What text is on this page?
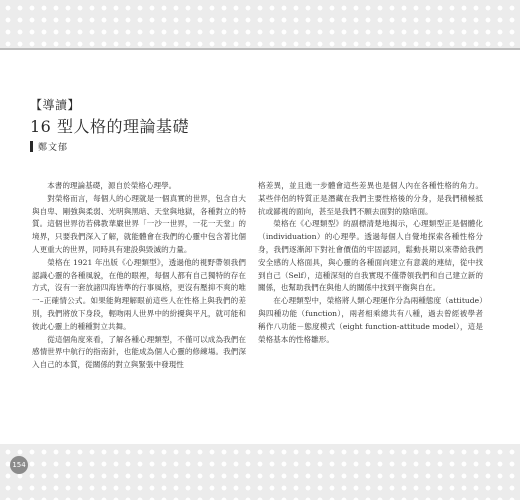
【導讀】
16 型人格的理論基礎
鄭文郁

本書的理論基礎，源自於榮格心理學。

對榮格而言，每個人的心理就是一個真實的世界，包含自大與自卑、剛強與柔弱、光明與黑暗、天堂與地獄，各種對立的特質。這個世界彷若佛教華嚴世界「一沙一世界，一花一天堂」的境界，只要我們深入了解，就能體會在我們的心靈中包含著比個人更重大的世界，同時具有建設與毀滅的力量。

榮格在 1921 年出版《心理類型》，透過他的視野帶領我們認識心靈的各種風貌，在他的眼裡，每個人都有自己獨特的存在方式，沒有一套放諸四海皆準的行事風格，更沒有壓抑不爽的唯一–正確情公式。如果能夠理解眼前這些人在性格上與我們的差別，我們將放下身段，輕吻兩人世界中的紛擾與平凡，就可能和彼此心靈上的種種對立共舞。

從這個角度來看，了解各種心理類型，不僅可以成為我們在感情世界中航行的指南針，也能成為個人心靈的修練場。我們深入自己的本質，從關係的對立與緊張中發現性

格差異，並且進一步體會這些差異也是個人內在各種性格的角力。某些伴侶的特質正是潛藏在我們主要性格後的分身，是我們積極抵抗或鄙視的面向，甚至是我們不願去面對的陰暗面。

榮格在《心理類型》的副標清楚地揭示，心理類型正是個體化（individuation）的心理學。透過每個人自覺地探索各種性格分身，我們逐漸卸下對社會價值的牢固認同，鬆動長期以來帶給我們安全感的人格面具，與心靈的各種面向建立有意義的連結，從中找到自己（Self），這種深刻的自我實現不僅帶領我們和自己建立新的關係，也幫助我們在與他人的關係中找到平衡與自在。

在心理類型中，榮格將人類心理運作分為兩種態度（attitude）與四種功能（function），兩者相乘總共有八種，過去曾經被學者稱作八功能－態度模式（eight function-attitude model），這是榮格基本的性格雛形。

154
